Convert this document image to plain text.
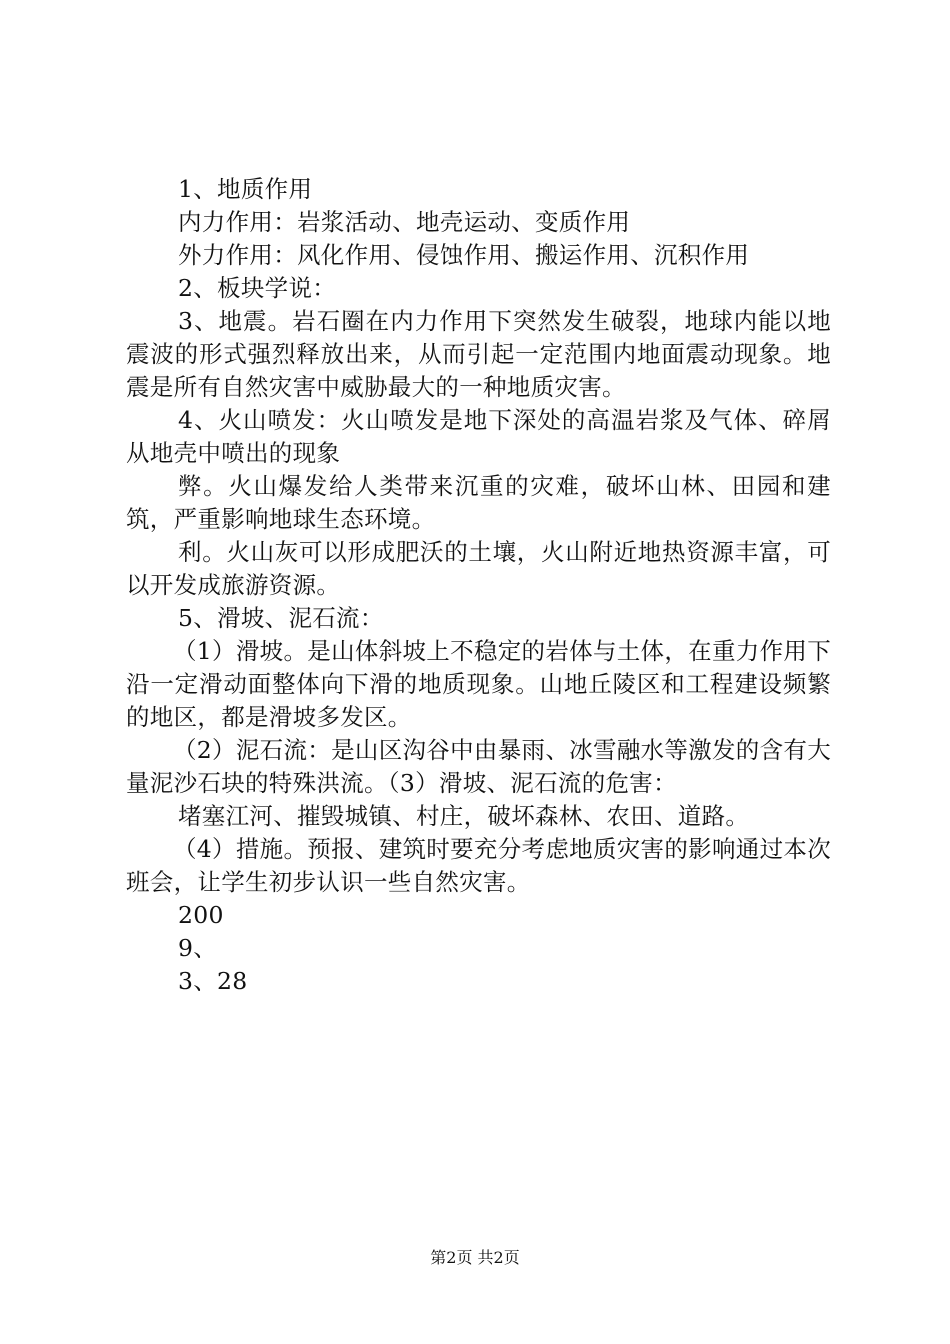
1、地质作用

内力作用：岩浆活动、地壳运动、变质作用

外力作用：风化作用、侵蚀作用、搬运作用、沉积作用

2、板块学说：

3、地震。岩石圈在内力作用下突然发生破裂，地球内能以地震波的形式强烈释放出来，从而引起一定范围内地面震动现象。地震是所有自然灾害中威胁最大的一种地质灾害。

4、火山喷发：火山喷发是地下深处的高温岩浆及气体、碎屑从地壳中喷出的现象

弊。火山爆发给人类带来沉重的灾难，破坏山林、田园和建筑，严重影响地球生态环境。

利。火山灰可以形成肥沃的土壤，火山附近地热资源丰富，可以开发成旅游资源。

5、滑坡、泥石流：

（1）滑坡。是山体斜坡上不稳定的岩体与土体，在重力作用下沿一定滑动面整体向下滑的地质现象。山地丘陵区和工程建设频繁的地区，都是滑坡多发区。

（2）泥石流：是山区沟谷中由暴雨、冰雪融水等激发的含有大量泥沙石块的特殊洪流。（3）滑坡、泥石流的危害：

堵塞江河、摧毁城镇、村庄，破坏森林、农田、道路。

（4）措施。预报、建筑时要充分考虑地质灾害的影响通过本次班会，让学生初步认识一些自然灾害。

200

9、

3、28

第2页 共2页
